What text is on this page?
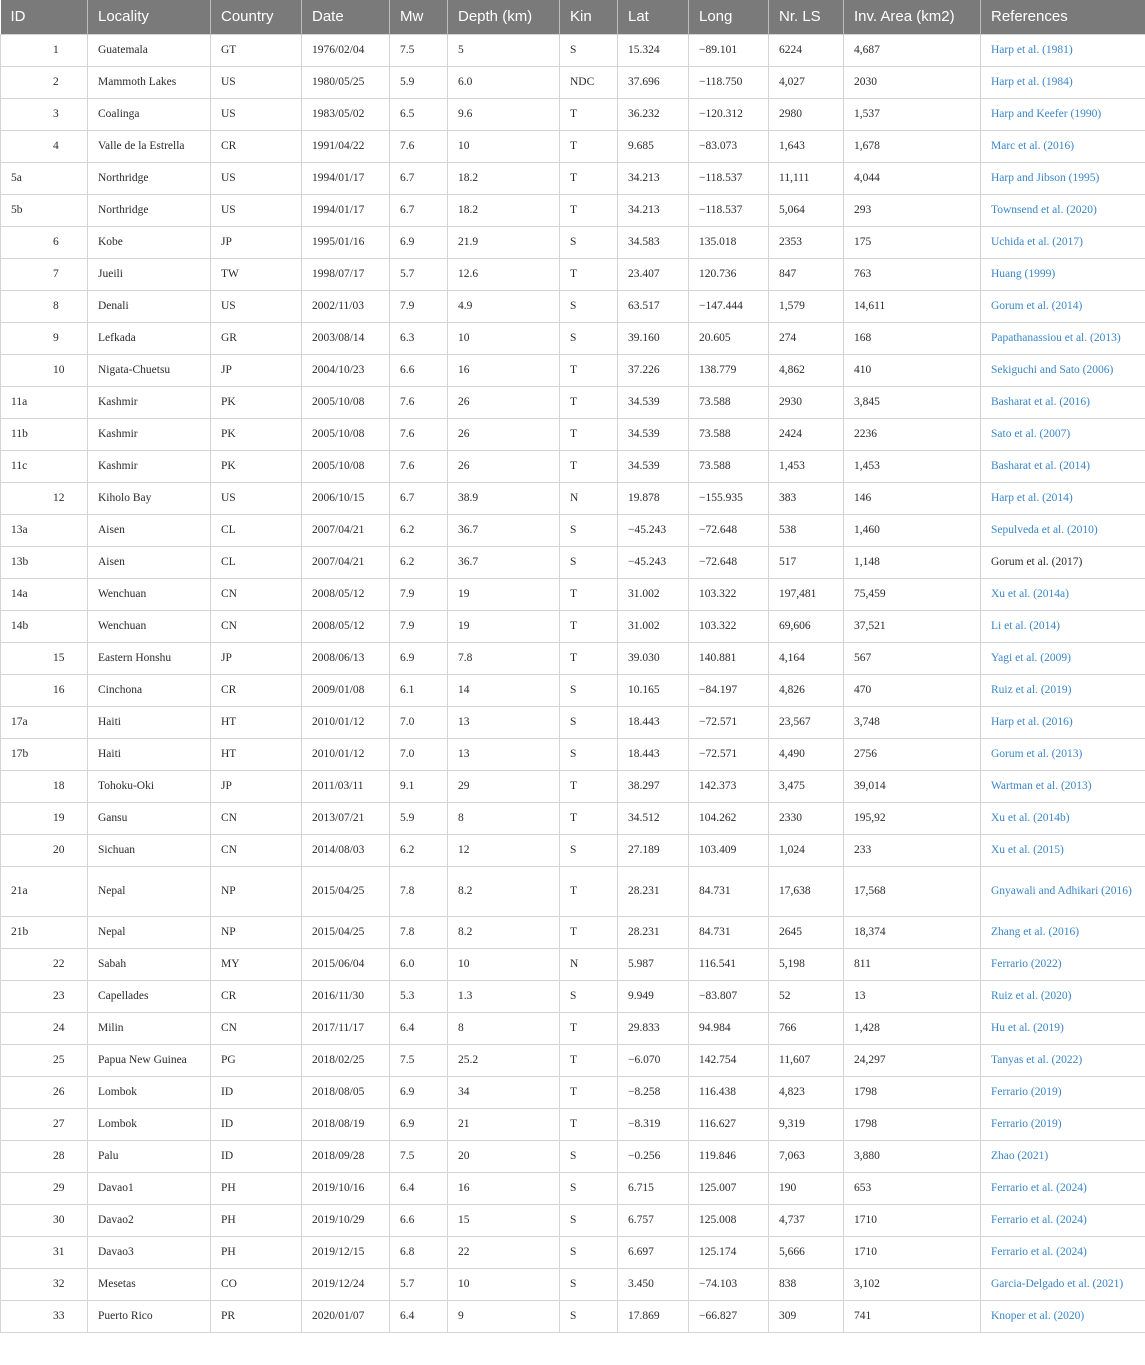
ID	Locality	Country	Date	Mw	Depth (km)	Kin	Lat	Long	Nr. LS	Inv. Area (km2)	References
1	Guatemala	GT	1976/02/04	7.5	5	S	15.324	−89.101	6224	4,687	Harp et al. (1981)
2	Mammoth Lakes	US	1980/05/25	5.9	6.0	NDC	37.696	−118.750	4,027	2030	Harp et al. (1984)
3	Coalinga	US	1983/05/02	6.5	9.6	T	36.232	−120.312	2980	1,537	Harp and Keefer (1990)
4	Valle de la Estrella	CR	1991/04/22	7.6	10	T	9.685	−83.073	1,643	1,678	Marc et al. (2016)
5a	Northridge	US	1994/01/17	6.7	18.2	T	34.213	−118.537	11,111	4,044	Harp and Jibson (1995)
5b	Northridge	US	1994/01/17	6.7	18.2	T	34.213	−118.537	5,064	293	Townsend et al. (2020)
6	Kobe	JP	1995/01/16	6.9	21.9	S	34.583	135.018	2353	175	Uchida et al. (2017)
7	Jueili	TW	1998/07/17	5.7	12.6	T	23.407	120.736	847	763	Huang (1999)
8	Denali	US	2002/11/03	7.9	4.9	S	63.517	−147.444	1,579	14,611	Gorum et al. (2014)
9	Lefkada	GR	2003/08/14	6.3	10	S	39.160	20.605	274	168	Papathanassiou et al. (2013)
10	Nigata-Chuetsu	JP	2004/10/23	6.6	16	T	37.226	138.779	4,862	410	Sekiguchi and Sato (2006)
11a	Kashmir	PK	2005/10/08	7.6	26	T	34.539	73.588	2930	3,845	Basharat et al. (2016)
11b	Kashmir	PK	2005/10/08	7.6	26	T	34.539	73.588	2424	2236	Sato et al. (2007)
11c	Kashmir	PK	2005/10/08	7.6	26	T	34.539	73.588	1,453	1,453	Basharat et al. (2014)
12	Kiholo Bay	US	2006/10/15	6.7	38.9	N	19.878	−155.935	383	146	Harp et al. (2014)
13a	Aisen	CL	2007/04/21	6.2	36.7	S	−45.243	−72.648	538	1,460	Sepulveda et al. (2010)
13b	Aisen	CL	2007/04/21	6.2	36.7	S	−45.243	−72.648	517	1,148	Gorum et al. (2017)
14a	Wenchuan	CN	2008/05/12	7.9	19	T	31.002	103.322	197,481	75,459	Xu et al. (2014a)
14b	Wenchuan	CN	2008/05/12	7.9	19	T	31.002	103.322	69,606	37,521	Li et al. (2014)
15	Eastern Honshu	JP	2008/06/13	6.9	7.8	T	39.030	140.881	4,164	567	Yagi et al. (2009)
16	Cinchona	CR	2009/01/08	6.1	14	S	10.165	−84.197	4,826	470	Ruiz et al. (2019)
17a	Haiti	HT	2010/01/12	7.0	13	S	18.443	−72.571	23,567	3,748	Harp et al. (2016)
17b	Haiti	HT	2010/01/12	7.0	13	S	18.443	−72.571	4,490	2756	Gorum et al. (2013)
18	Tohoku-Oki	JP	2011/03/11	9.1	29	T	38.297	142.373	3,475	39,014	Wartman et al. (2013)
19	Gansu	CN	2013/07/21	5.9	8	T	34.512	104.262	2330	195,92	Xu et al. (2014b)
20	Sichuan	CN	2014/08/03	6.2	12	S	27.189	103.409	1,024	233	Xu et al. (2015)
21a	Nepal	NP	2015/04/25	7.8	8.2	T	28.231	84.731	17,638	17,568	Gnyawali and Adhikari (2016)
21b	Nepal	NP	2015/04/25	7.8	8.2	T	28.231	84.731	2645	18,374	Zhang et al. (2016)
22	Sabah	MY	2015/06/04	6.0	10	N	5.987	116.541	5,198	811	Ferrario (2022)
23	Capellades	CR	2016/11/30	5.3	1.3	S	9.949	−83.807	52	13	Ruiz et al. (2020)
24	Milin	CN	2017/11/17	6.4	8	T	29.833	94.984	766	1,428	Hu et al. (2019)
25	Papua New Guinea	PG	2018/02/25	7.5	25.2	T	−6.070	142.754	11,607	24,297	Tanyas et al. (2022)
26	Lombok	ID	2018/08/05	6.9	34	T	−8.258	116.438	4,823	1798	Ferrario (2019)
27	Lombok	ID	2018/08/19	6.9	21	T	−8.319	116.627	9,319	1798	Ferrario (2019)
28	Palu	ID	2018/09/28	7.5	20	S	−0.256	119.846	7,063	3,880	Zhao (2021)
29	Davao1	PH	2019/10/16	6.4	16	S	6.715	125.007	190	653	Ferrario et al. (2024)
30	Davao2	PH	2019/10/29	6.6	15	S	6.757	125.008	4,737	1710	Ferrario et al. (2024)
31	Davao3	PH	2019/12/15	6.8	22	S	6.697	125.174	5,666	1710	Ferrario et al. (2024)
32	Mesetas	CO	2019/12/24	5.7	10	S	3.450	−74.103	838	3,102	Garcia-Delgado et al. (2021)
33	Puerto Rico	PR	2020/01/07	6.4	9	S	17.869	−66.827	309	741	Knoper et al. (2020)
